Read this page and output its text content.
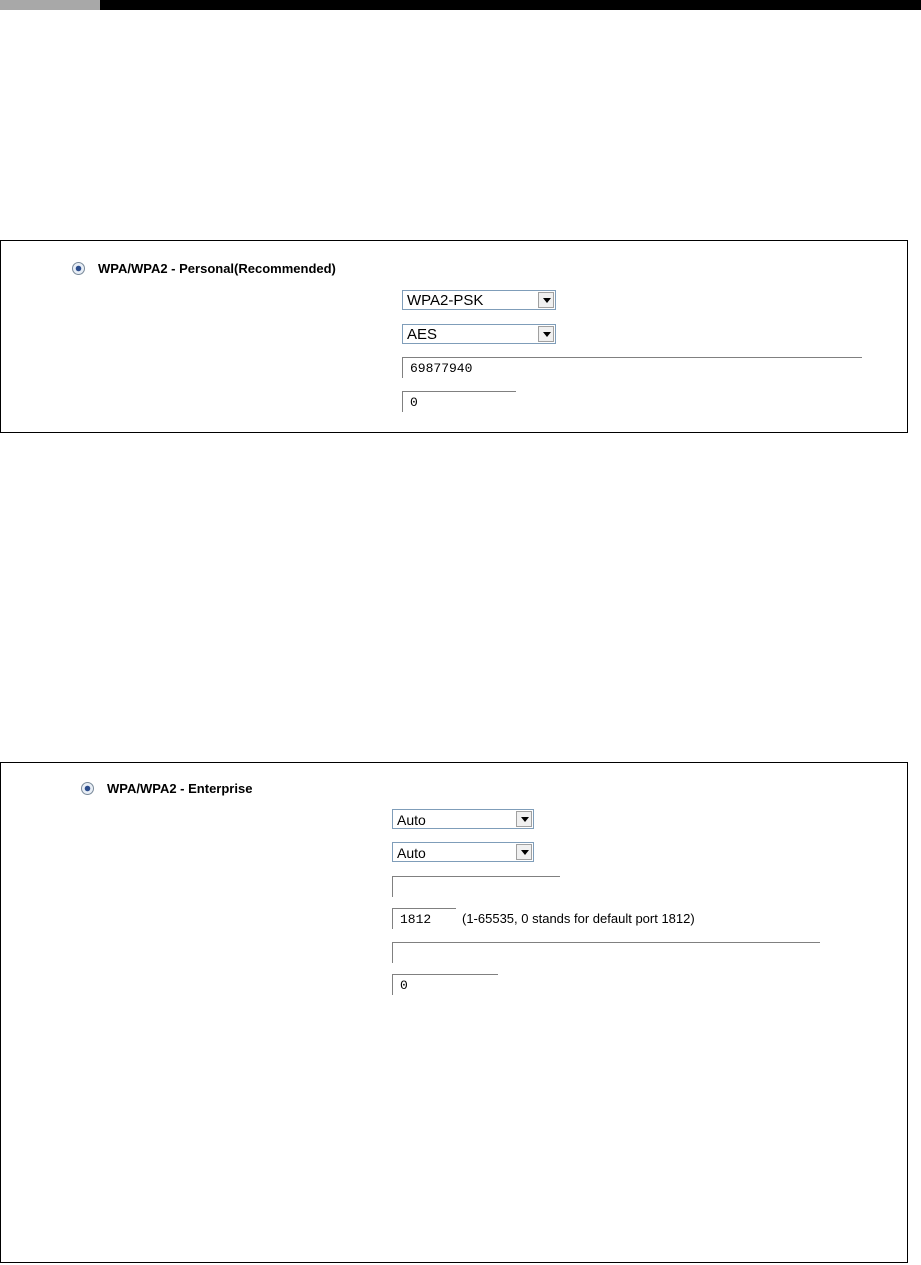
WPA/WPA2 - Personal(Recommended)
WPA2-PSK
AES
69877940
0
WPA/WPA2 - Enterprise
Auto
Auto
1812 (1-65535, 0 stands for default port 1812)
0
